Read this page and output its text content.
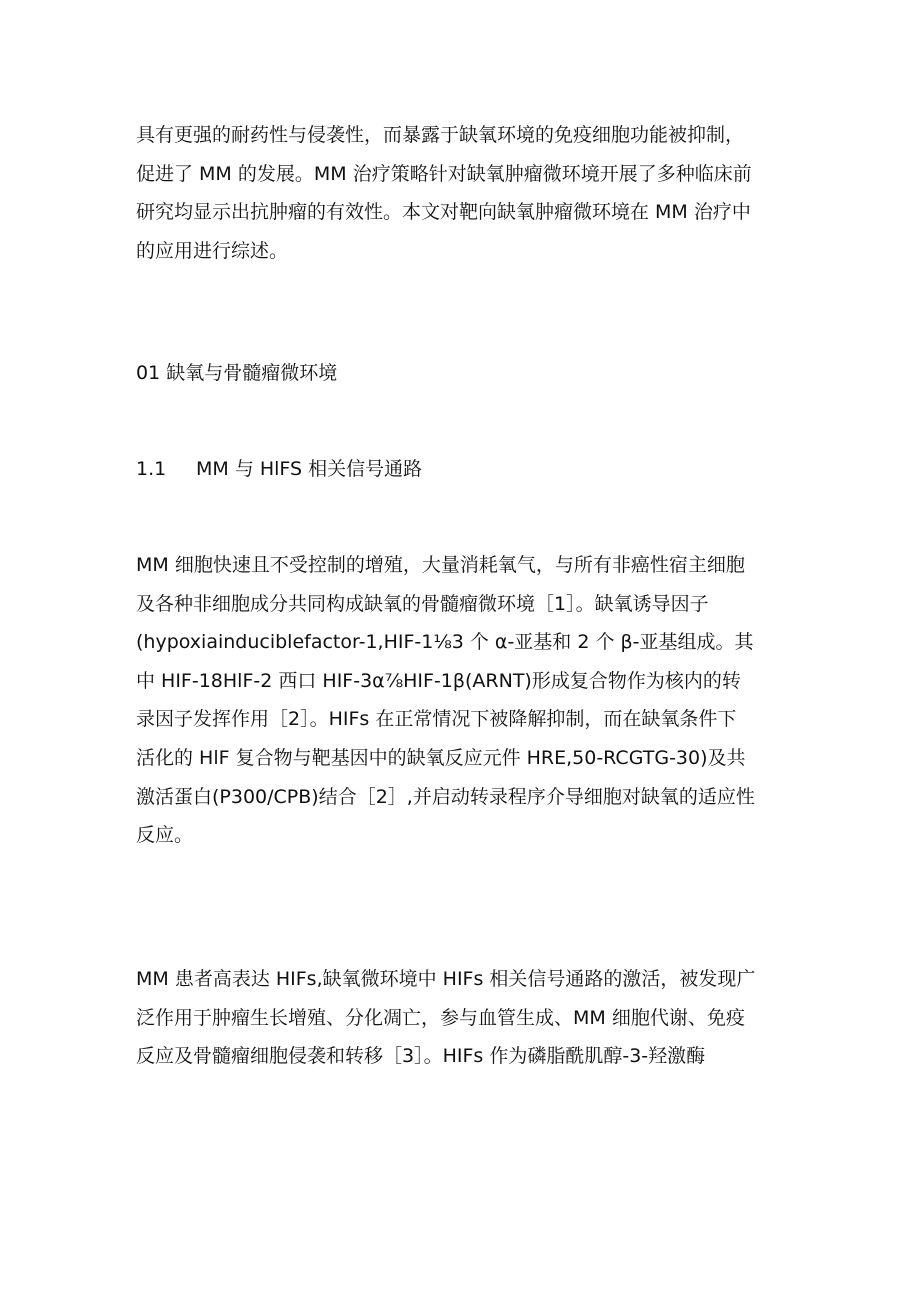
具有更强的耐药性与侵袭性，而暴露于缺氧环境的免疫细胞功能被抑制，
促进了 MM 的发展。MM 治疗策略针对缺氧肿瘤微环境开展了多种临床前
研究均显示出抗肿瘤的有效性。本文对靶向缺氧肿瘤微环境在 MM 治疗中
的应用进行综述。
01 缺氧与骨髓瘤微环境
1.1	MM 与 HlFS 相关信号通路
MM 细胞快速且不受控制的增殖，大量消耗氧气，与所有非癌性宿主细胞
及各种非细胞成分共同构成缺氧的骨髓瘤微环境［1］。缺氧诱导因子
(hypoxiainduciblefactor-1,HIF-1⅛3 个 α-亚基和 2 个 β-亚基组成。其
中 HIF-18HlF-2 西口 HIF-3α⅞HIF-1β(ARNT)形成复合物作为核内的转
录因子发挥作用［2］。HIFs 在正常情况下被降解抑制，而在缺氧条件下
活化的 HlF 复合物与靶基因中的缺氧反应元件 HRE,50-RCGTG-30)及共
激活蛋白(P300/CPB)结合［2］,并启动转录程序介导细胞对缺氧的适应性
反应。
MM 患者高表达 HIFs,缺氧微环境中 HIFs 相关信号通路的激活，被发现广
泛作用于肿瘤生长增殖、分化凋亡，参与血管生成、MM 细胞代谢、免疫
反应及骨髓瘤细胞侵袭和转移［3］。HIFs 作为磷脂酰肌醇-3-羟激酶
